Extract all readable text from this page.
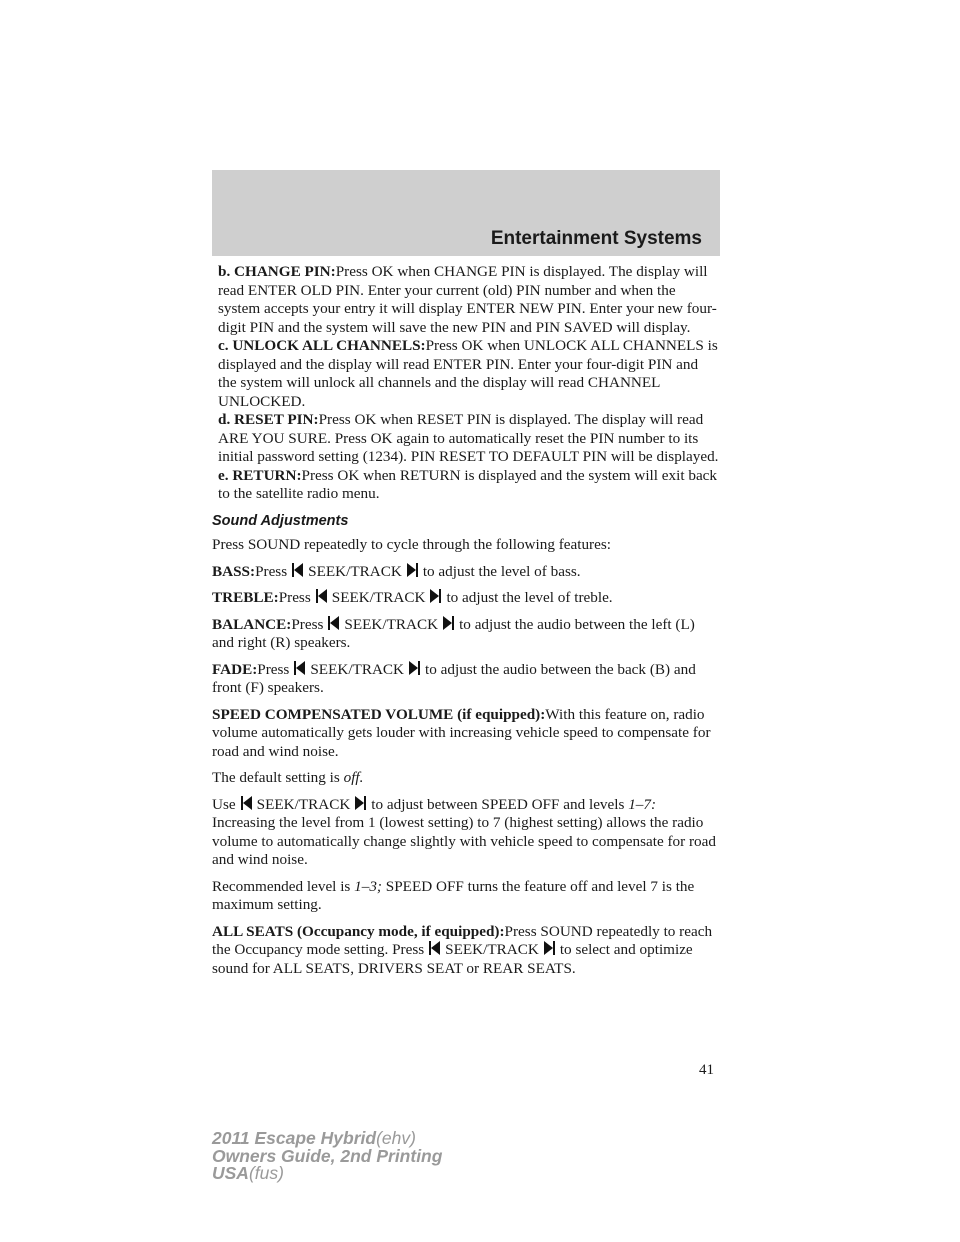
Entertainment Systems

b. CHANGE PIN:Press OK when CHANGE PIN is displayed. The display will read ENTER OLD PIN. Enter your current (old) PIN number and when the system accepts your entry it will display ENTER NEW PIN. Enter your new four-digit PIN and the system will save the new PIN and PIN SAVED will display.

c. UNLOCK ALL CHANNELS:Press OK when UNLOCK ALL CHANNELS is displayed and the display will read ENTER PIN. Enter your four-digit PIN and the system will unlock all channels and the display will read CHANNEL UNLOCKED.

d. RESET PIN:Press OK when RESET PIN is displayed. The display will read ARE YOU SURE. Press OK again to automatically reset the PIN number to its initial password setting (1234). PIN RESET TO DEFAULT PIN will be displayed.

e. RETURN:Press OK when RETURN is displayed and the system will exit back to the satellite radio menu.

Sound Adjustments

Press SOUND repeatedly to cycle through the following features:

BASS:Press SEEK/TRACK to adjust the level of bass.

TREBLE:Press SEEK/TRACK to adjust the level of treble.

BALANCE:Press SEEK/TRACK to adjust the audio between the left (L) and right (R) speakers.

FADE:Press SEEK/TRACK to adjust the audio between the back (B) and front (F) speakers.

SPEED COMPENSATED VOLUME (if equipped):With this feature on, radio volume automatically gets louder with increasing vehicle speed to compensate for road and wind noise.

The default setting is off.

Use SEEK/TRACK to adjust between SPEED OFF and levels 1–7: Increasing the level from 1 (lowest setting) to 7 (highest setting) allows the radio volume to automatically change slightly with vehicle speed to compensate for road and wind noise.

Recommended level is 1–3; SPEED OFF turns the feature off and level 7 is the maximum setting.

ALL SEATS (Occupancy mode, if equipped):Press SOUND repeatedly to reach the Occupancy mode setting. Press SEEK/TRACK to select and optimize sound for ALL SEATS, DRIVERS SEAT or REAR SEATS.

41
2011 Escape Hybrid(ehv)
Owners Guide, 2nd Printing
USA(fus)
